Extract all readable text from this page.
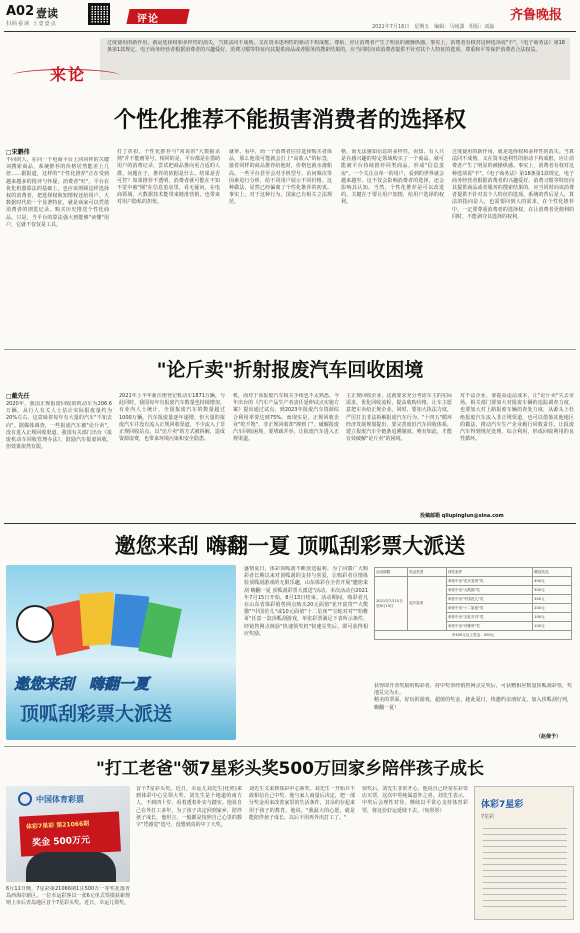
A02 壹读
扫码看读 上壹壹点	评论	齐鲁晚报
2021年7月16日　星期五　编辑：马纯潇　组版：刘淼
过度使用的新作用，就是选择权和多样性的消失，当算法同不成熟，又在资本逐利性的驱动下构成框。尊始，应让消费者产生了明显的被操纵感。事实上，消费者有权对这种选项说"不"，《电子商务法》第18条第1款规定，电子商务经营者根据消费者的兴趣爱好，消费习惯等特征向其提供商品或者服务的搜索结果的，应当同时向该消费者提供不针对其个人特征的选项，尊重和平等保护消费者合法权益。
来论
个性化推荐不能损害消费者的选择权
□宋鹏伟
不同的人，在同一个电商平台上同同样的关键词搜索商品，系统推荐的价格居然能差上几倍……据报道，这样的"个性化推荐"正在受到越来越多的批评与怀疑。消费者"吐"，平台在优化机器算法的基础上，也应该照顾这样选择权的消费者，把选择权和知情权还给用户。大数据时代的一个显著特征，就是商家可以凭借消费者的浏览记录、购买历史推送个性化商品。只是，当平台的算法强大到能够"读懂"用户，它就不仅仅是工具。
打了折扣。个性化推荐与"常说的"大数据杀熟"并不能画等号，相同的是，平台都是在借助用户的消费记录，尝试把商品推向更合适的人群。问题在于，推荐的依据是什么、结果是否可控？如果推荐不透明，消费者就可能在不知不觉中被"圈"在信息茧房里。看无疑问，在电商领域，大数据技术能带来精准营销，也带来对用户隐私的担忧。
就率、看中，而一个消费者往往选择购买者体品，那么他很可能就会打上"高收入"的标签，接着同样的商品推荐给他时，价格也就水涨船高。一些平台甚至会对手机型号、访问频次等因素进行分析，给不同用户展示不同价格。这种做法，显然已经偏离了个性化推荐的初衷。事实上，对于这种行为，国家已有相关立法规范。
格，而无法感知信息的多样性。看知，有人只是在感兴趣的特定领域购买了一个商品，就可能被平台持续推荐同类商品，形成"信息茧房"。一个关注点单一的用户，看到的世界就会越来越窄。这不仅会影响消费者的选择，还会影响其认知。当然，个性化推荐是可以改进的。关键在于要让用户知情，给用户选择的权利。
过度使用的新作用，就是选择权和多样性的消失。当算法同不成熟，又在资本逐利性的驱动下构成框，应让消费者产生了明显的被操纵感。事实上，消费者有权对这种选项说"不"。《电子商务法》第18条第1款规定，电子商务经营者根据消费者的兴趣爱好、消费习惯等特征向其提供商品或者服务的搜索结果的，应当同时向该消费者提供不针对其个人特征的选项。系统的背后是人，算法的指向是人，也需要回到人的需求，在个性化推荐中，一定要尊重消费者的选择权，在让消费者更便利的同时，不能剥夺其选择的权利。
"论斤卖"折射报废汽车回收困境
□戴先任
2020年，我国正规报废回收的机动车为206.6万辆，从行人有关人士估计实际报废量约为20%左右，这意味着每年有大量的汽车"不知去向"。据媒体调查，一些报废汽车被"论斤卖"，没有进入正规回收渠道。我国有关部门出台《报废机动车回收管理办法》，鼓励汽车报废回收，但效果依然有限。
2021年上半年新注册登记机动车1871万辆，与此同时，我国每年有报废汽车数量也持续增加，有业内人士统计，全国报废汽车的数量超过1000万辆。汽车报废量逐年递增，但大量的报废汽车并没有流入正规回收渠道，不少流入了非正规回收站点，以"论斤卖"的方式被拆解，造成资源浪费，也带来环境污染和安全隐患。
机，而对于该报废汽车相关手续也不太熟悉。今年出台的《汽车产品生产者责任延伸试点实施方案》提出通过试点，到2023年报废汽车资源综合利用率要达到75%。而现实是，正规回收企业"吃不饱"，非正规回收却"撑到了"。破解报废汽车回收困境，要堵疏并举，让报废汽车进入正规渠道。
主正规回收企业，这就要求充分考虑车主的实际需求，优化回收流程，提高收购价格，让车主愿意把车卖给正规企业。同时，要加大执法力度，严厉打击非法拆解报废汽车行为。"十四五"循环经济发展规划提出，要完善废旧汽车回收体系，建立报废汽车全链条追溯制度。唯有如此，才能有效破解"论斤卖"的困境。
对不法企业，要提高违法成本，让"论斤卖"失去市场。相关部门要加大对报废车辆的追踪调查力度，也要加大对上路报废车辆的查处力度，从源头上杜绝报废汽车流入非正规渠道，也可以借鉴其他地区的做法，推动汽车生产企业履行回收责任，让报废汽车得到规范处理、综合利用，形成回收利用的良性循环。
投稿邮箱 qilupinglun@sina.com
邀您来刮 嗨翻一夏 顶呱刮彩票大派送
邀您来刮　嗨翻一夏
顶呱刮彩票大派送
盛情夏日，体彩顶呱刮不断放送福利。为了回馈广大购彩者长期以来对顶呱刮的支持与喜爱，让购彩者尽情体验顶呱刮游戏的无限乐趣，山东体彩在全省开展"邀您来刮 嗨翻一夏 顶呱刮彩票大派送"活动。本次活动自2021年7月15日开始，8月13日结束。活动期间，购彩者凡在山东省体彩销售网点购买20元面值"花开富贵""大熊猫""中国范儿"或10元面值"十二星座""宝蛇对对""幼稚哥"任意一款顶呱刮游戏，单张彩票满足下表所示条件，经销售网点核验"快速领奖机"快速兑奖后，即可获得相应奖励。
活动期限	奖品类型	获奖条件	赠送奖品
2021年7月15日至8月13日	花开富贵	单张中出"花开富贵"奖	400元
		单张中出"大熊猫"奖	300元
		单张中出"中国范儿"奖	300元
		单张中出"十二星座"奖	200元
		单张中出"宝蛇对对"奖	100元
		单张中出"幼稚哥"奖	100元
中400元以上奖金：500元			
获得即开票奖励的购彩者，持中奖票经销售网点兑奖后，可获赠相应数量顶呱刮彩票，奖池兑完为止。
精美的票面，好玩的游戏，超值的奖金，趁此夏日，快邀约亲朋好友，加入顶呱刮行列，嗨翻一夏！
（赵倩予）
"打工老爸"领7星彩头奖500万回家乡陪伴孩子成长
中国体育彩票
体彩7星彩 第21066期
奖金 500万元
6月11日晚，7星彩第21066期1注500万一等奖花落青岛西海岸新区。一位幸运彩客以一张6元单式票摸获新规则上市后青岛地区首个7星彩头奖。近日，幸运儿领奖。
首个7星彩头奖。近日，幸运儿刘先生(化姓)来到体彩中心兑领大奖。刘先生是个地道的南方人，不到四十岁，看着透着朴实与踏实。他说自己在外打工多年，为了孩子决定回到家乡，陪伴孩子成长。他坦言，一般都是按照自己心里的数字"凭感觉"选号，没想到真的中了大奖。
刘先生又来到体彩中心领奖。刘先生一开始并不敢相信自己中奖，他与家人商量后决定，把一部分奖金用来改善家里的生活条件，其余的存起来用于孩子的教育。他说，"我最大的心愿，就是能陪伴孩子成长，以后不用再外出打工了。"
领奖后，刘先生非常开心，他说自己经常在彩票店买票，这次中奖纯属意外之喜。刘先生表示，中奖后会理性对待，继续以平常心支持体育彩票，将这份好运延续下去。（宛彤彤）
体彩7星彩
7星彩
